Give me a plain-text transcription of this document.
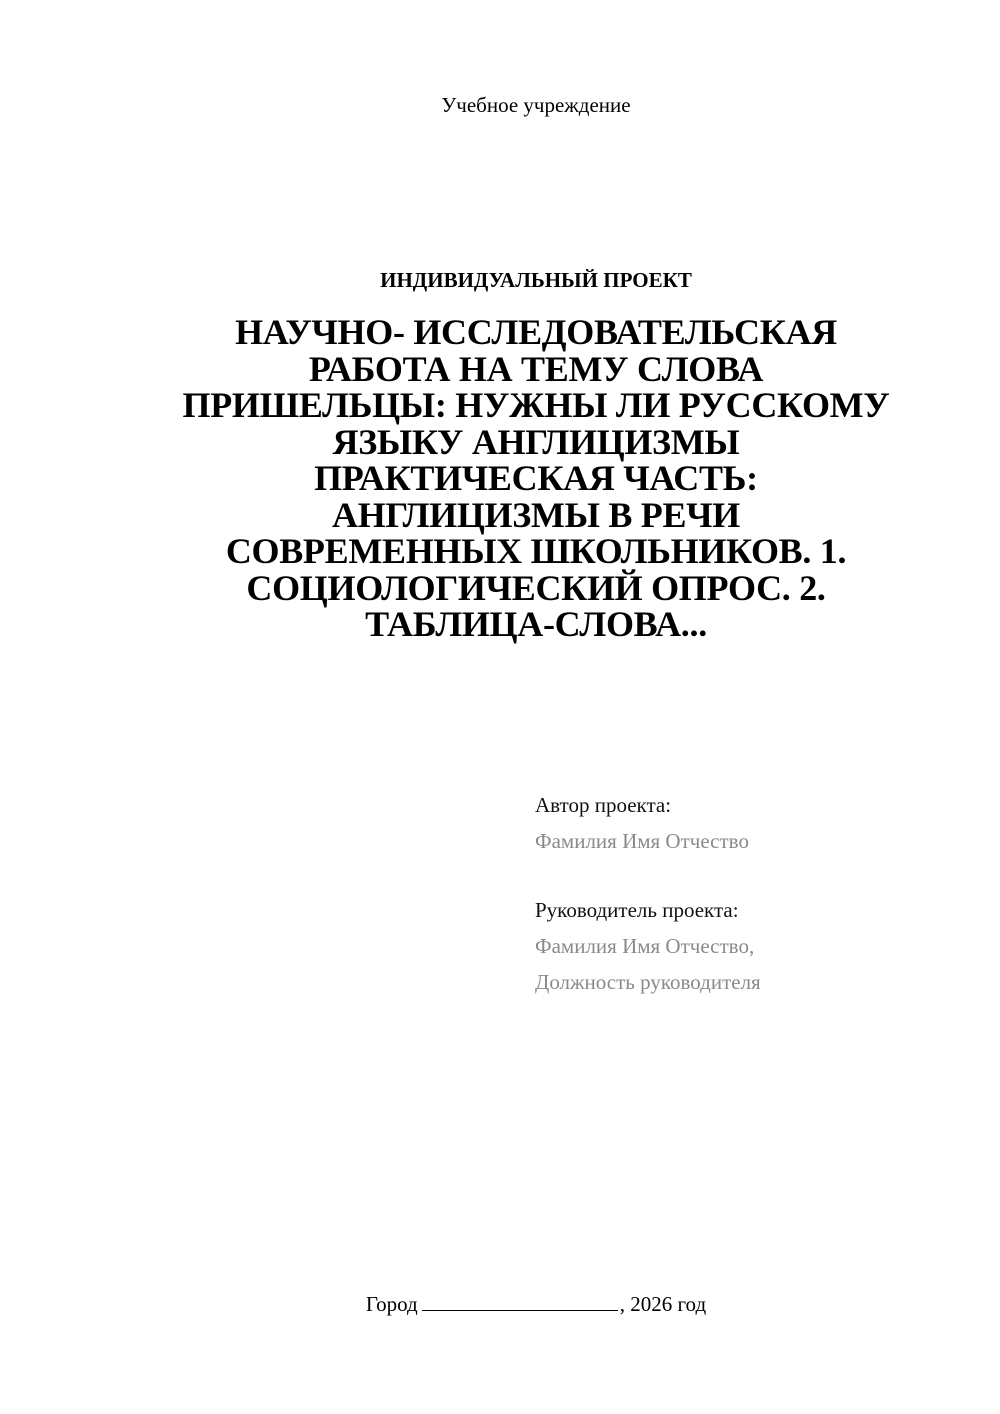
Учебное учреждение
ИНДИВИДУАЛЬНЫЙ ПРОЕКТ
НАУЧНО- ИССЛЕДОВАТЕЛЬСКАЯ
РАБОТА НА ТЕМУ СЛОВА
ПРИШЕЛЬЦЫ: НУЖНЫ ЛИ РУССКОМУ
ЯЗЫКУ АНГЛИЦИЗМЫ
ПРАКТИЧЕСКАЯ ЧАСТЬ:
АНГЛИЦИЗМЫ В РЕЧИ
СОВРЕМЕННЫХ ШКОЛЬНИКОВ. 1.
СОЦИОЛОГИЧЕСКИЙ ОПРОС. 2.
ТАБЛИЦА-СЛОВА...
Автор проекта:
Фамилия Имя Отчество
Руководитель проекта:
Фамилия Имя Отчество,
Должность руководителя
Город	, 2026 год
